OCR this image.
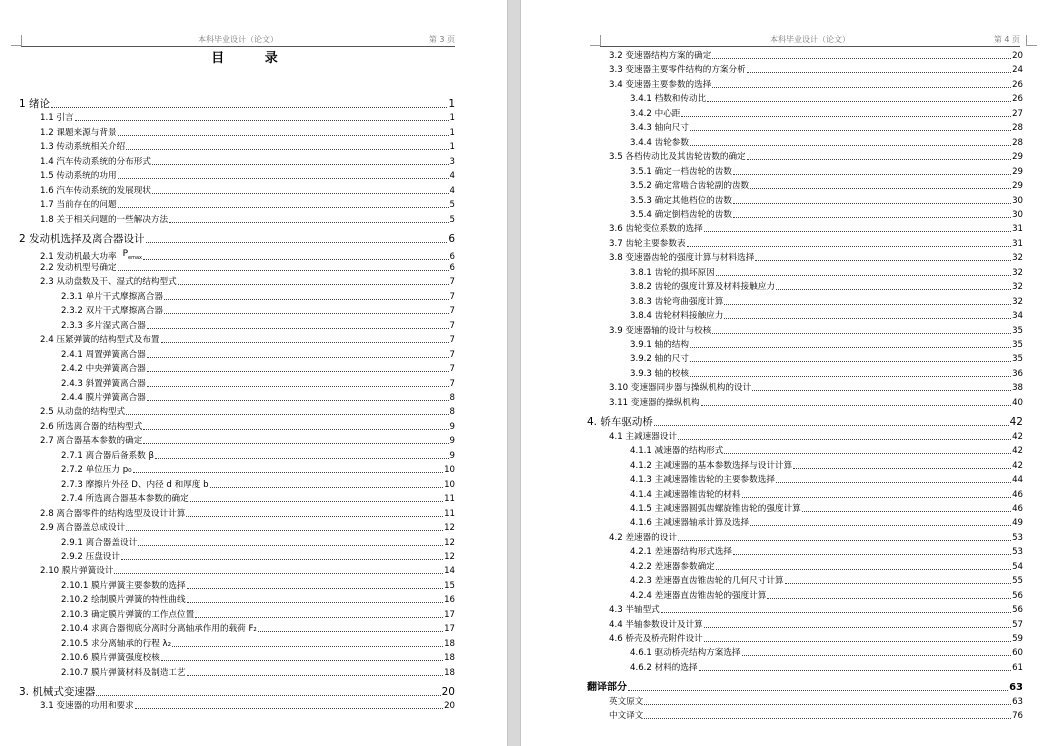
本科毕业设计（论文）	第 3 页
目 录
1 绪论	1
1.1 引言	1
1.2 课题来源与背景	1
1.3 传动系统相关介绍	1
1.4 汽车传动系统的分布形式	3
1.5 传动系统的功用	4
1.6 汽车传动系统的发展现状	4
1.7 当前存在的问题	5
1.8 关于相关问题的一些解决方法	5
2 发动机选择及离合器设计	6
2.1 发动机最大功率 $P_{emax}$	6
2.2 发动机型号确定	6
2.3 从动盘数及干、湿式的结构型式	7
2.3.1 单片干式摩擦离合器	7
2.3.2 双片干式摩擦离合器	7
2.3.3 多片湿式离合器	7
2.4 压紧弹簧的结构型式及布置	7
2.4.1 周置弹簧离合器	7
2.4.2 中央弹簧离合器	7
2.4.3 斜置弹簧离合器	7
2.4.4 膜片弹簧离合器	8
2.5 从动盘的结构型式	8
2.6 所选离合器的结构型式	9
2.7 离合器基本参数的确定	9
2.7.1 离合器后备系数 β	9
2.7.2 单位压力 p₀	10
2.7.3 摩擦片外径 D、内径 d 和厚度 b	10
2.7.4 所选离合器基本参数的确定	11
2.8 离合器零件的结构选型及设计计算	11
2.9 离合器盖总成设计	12
2.9.1 离合器盖设计	12
2.9.2 压盘设计	12
2.10 膜片弹簧设计	14
2.10.1 膜片弹簧主要参数的选择	15
2.10.2 绘制膜片弹簧的特性曲线	16
2.10.3 确定膜片弹簧的工作点位置	17
2.10.4 求离合器彻底分离时分离轴承作用的载荷 F₂	17
2.10.5 求分离轴承的行程 λ₂	18
2.10.6 膜片弹簧强度校核	18
2.10.7 膜片弹簧材料及制造工艺	18
3. 机械式变速器	20
3.1 变速器的功用和要求	20
本科毕业设计（论文）	第 4 页
3.2 变速器结构方案的确定	20
3.3 变速器主要零件结构的方案分析	24
3.4 变速器主要参数的选择	26
3.4.1 档数和传动比	26
3.4.2 中心距	27
3.4.3 轴向尺寸	28
3.4.4 齿轮参数	28
3.5 各档传动比及其齿轮齿数的确定	29
3.5.1 确定一档齿轮的齿数	29
3.5.2 确定常啮合齿轮副的齿数	29
3.5.3 确定其他档位的齿数	30
3.5.4 确定倒档齿轮的齿数	30
3.6 齿轮变位系数的选择	31
3.7 齿轮主要参数表	31
3.8 变速器齿轮的强度计算与材料选择	32
3.8.1 齿轮的损坏原因	32
3.8.2 齿轮的强度计算及材料接触应力	32
3.8.3 齿轮弯曲强度计算	32
3.8.4 齿轮材料接触应力	34
3.9 变速器轴的设计与校核	35
3.9.1 轴的结构	35
3.9.2 轴的尺寸	35
3.9.3 轴的校核	36
3.10 变速器同步器与操纵机构的设计	38
3.11 变速器的操纵机构	40
4. 轿车驱动桥	42
4.1 主减速器设计	42
4.1.1 减速器的结构形式	42
4.1.2 主减速器的基本参数选择与设计计算	42
4.1.3 主减速器锥齿轮的主要参数选择	44
4.1.4 主减速器锥齿轮的材料	46
4.1.5 主减速器圆弧齿螺旋锥齿轮的强度计算	46
4.1.6 主减速器轴承计算及选择	49
4.2 差速器的设计	53
4.2.1 差速器结构形式选择	53
4.2.2 差速器参数确定	54
4.2.3 差速器直齿锥齿轮的几何尺寸计算	55
4.2.4 差速器直齿锥齿轮的强度计算	56
4.3 半轴型式	56
4.4 半轴参数设计及计算	57
4.6 桥壳及桥壳附件设计	59
4.6.1 驱动桥壳结构方案选择	60
4.6.2 材料的选择	61
翻译部分	63
英文原文	63
中文译文	76
